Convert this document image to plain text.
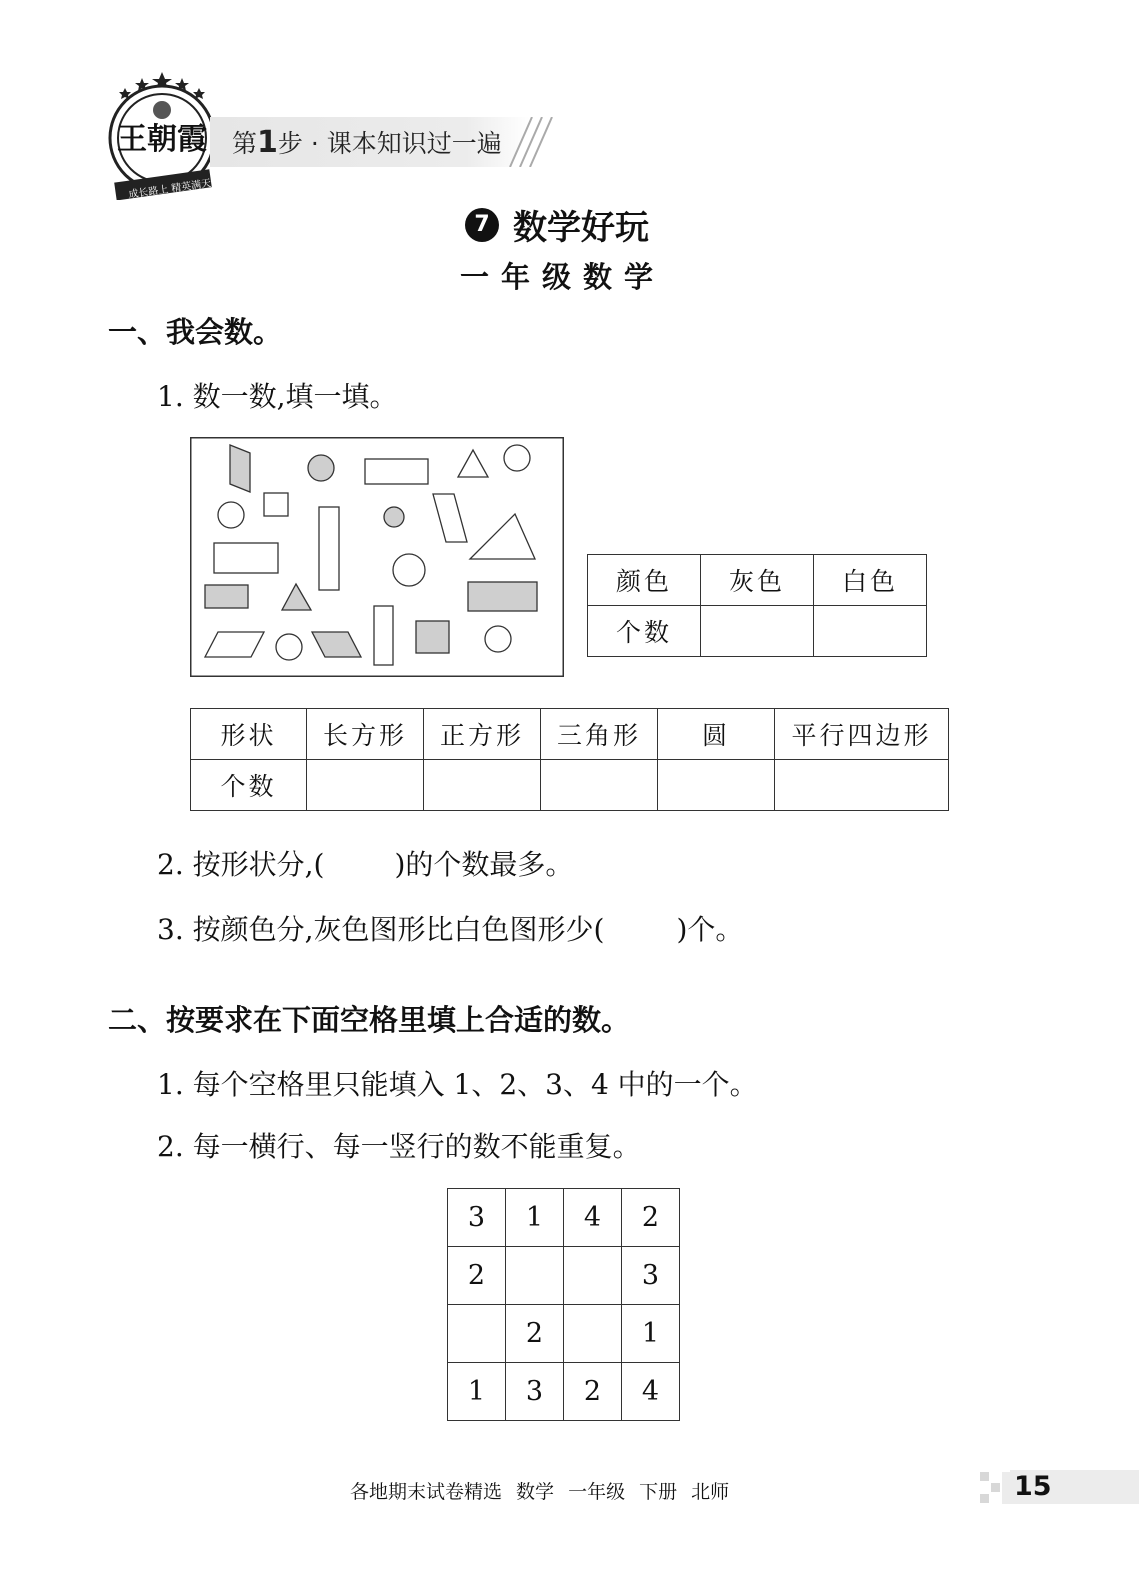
王朝霞
成长路上 精英满天
第1步 · 课本知识过一遍
7 数学好玩
一年级数学
一、我会数。
1. 数一数,填一填。
颜色	灰色	白色
个数		
形状	长方形	正方形	三角形	圆	平行四边形
个数					
2. 按形状分,(	)的个数最多。
3. 按颜色分,灰色图形比白色图形少(	)个。
二、按要求在下面空格里填上合适的数。
1. 每个空格里只能填入 1、2、3、4 中的一个。
2. 每一横行、每一竖行的数不能重复。
3	1	4	2
2			3
	2		1
1	3	2	4
各地期末试卷精选 数学 一年级 下册 北师	15
